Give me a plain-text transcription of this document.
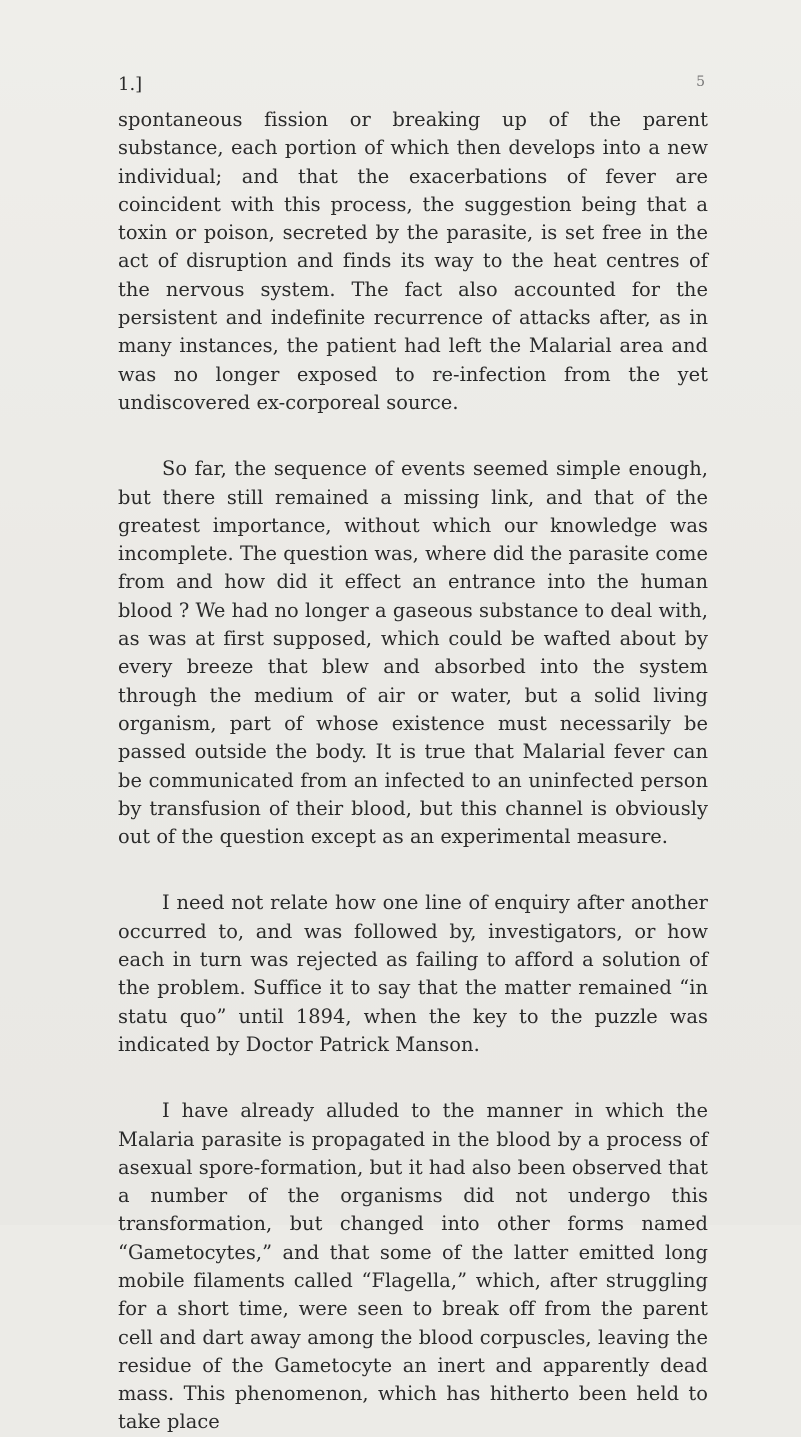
1.]	5

spontaneous fission or breaking up of the parent substance, each portion of which then develops into a new individual; and that the exacerbations of fever are coincident with this process, the suggestion being that a toxin or poison, secreted by the parasite, is set free in the act of disruption and finds its way to the heat centres of the nervous system. The fact also accounted for the persistent and indefinite recurrence of attacks after, as in many instances, the patient had left the Malarial area and was no longer exposed to re-infection from the yet undiscovered ex-corporeal source.

So far, the sequence of events seemed simple enough, but there still remained a missing link, and that of the greatest importance, without which our knowledge was incomplete. The question was, where did the parasite come from and how did it effect an entrance into the human blood ? We had no longer a gaseous substance to deal with, as was at first supposed, which could be wafted about by every breeze that blew and absorbed into the system through the medium of air or water, but a solid living organism, part of whose existence must necessarily be passed outside the body. It is true that Malarial fever can be communicated from an infected to an uninfected person by transfusion of their blood, but this channel is obviously out of the question except as an experimental measure.

I need not relate how one line of enquiry after another occurred to, and was followed by, investigators, or how each in turn was rejected as failing to afford a solution of the problem. Suffice it to say that the matter remained “in statu quo” until 1894, when the key to the puzzle was indicated by Doctor Patrick Manson.

I have already alluded to the manner in which the Malaria parasite is propagated in the blood by a process of asexual spore-formation, but it had also been observed that a number of the organisms did not undergo this transformation, but changed into other forms named “Gametocytes,” and that some of the latter emitted long mobile filaments called “Flagella,” which, after struggling for a short time, were seen to break off from the parent cell and dart away among the blood corpuscles, leaving the residue of the Gametocyte an inert and apparently dead mass. This phenomenon, which has hitherto been held to take place
